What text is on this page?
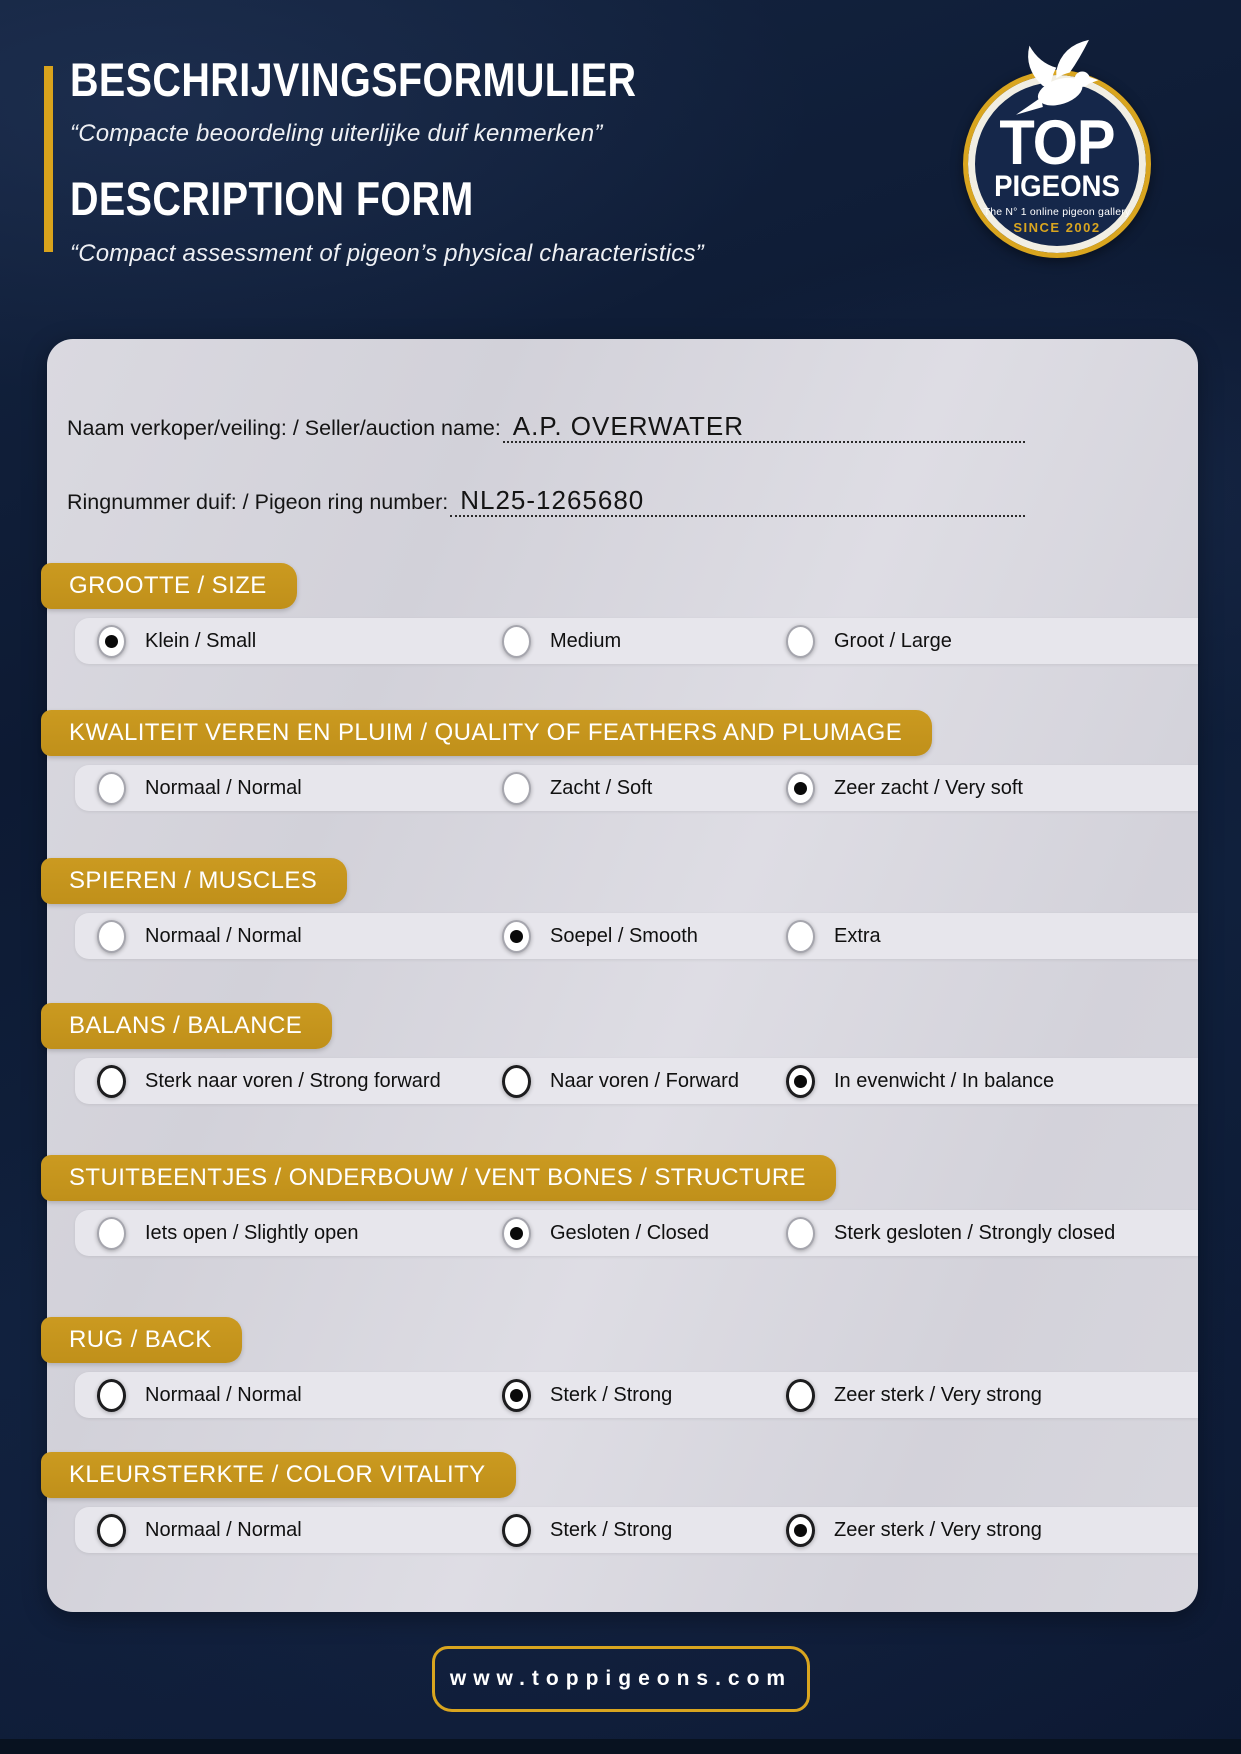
BESCHRIJVINGSFORMULIER

“Compacte beoordeling uiterlijke duif kenmerken”

DESCRIPTION FORM

“Compact assessment of pigeon’s physical characteristics”

TOP
PIGEONS
The N° 1 online pigeon gallery
SINCE 2002
Naam verkoper/veiling: / Seller/auction name: A.P. OVERWATER
Ringnummer duif: / Pigeon ring number: NL25-1265680
GROOTTE / SIZE
Klein / Small	Medium	Groot / Large
KWALITEIT VEREN EN PLUIM / QUALITY OF FEATHERS AND PLUMAGE
Normaal / Normal	Zacht / Soft	Zeer zacht / Very soft
SPIEREN / MUSCLES
Normaal / Normal	Soepel / Smooth	Extra
BALANS / BALANCE
Sterk naar voren / Strong forward	Naar voren / Forward	In evenwicht / In balance
STUITBEENTJES / ONDERBOUW / VENT BONES / STRUCTURE
Iets open / Slightly open	Gesloten / Closed	Sterk gesloten / Strongly closed
RUG / BACK
Normaal / Normal	Sterk / Strong	Zeer sterk / Very strong
KLEURSTERKTE / COLOR VITALITY
Normaal / Normal	Sterk / Strong	Zeer sterk / Very strong
www.toppigeons.com
